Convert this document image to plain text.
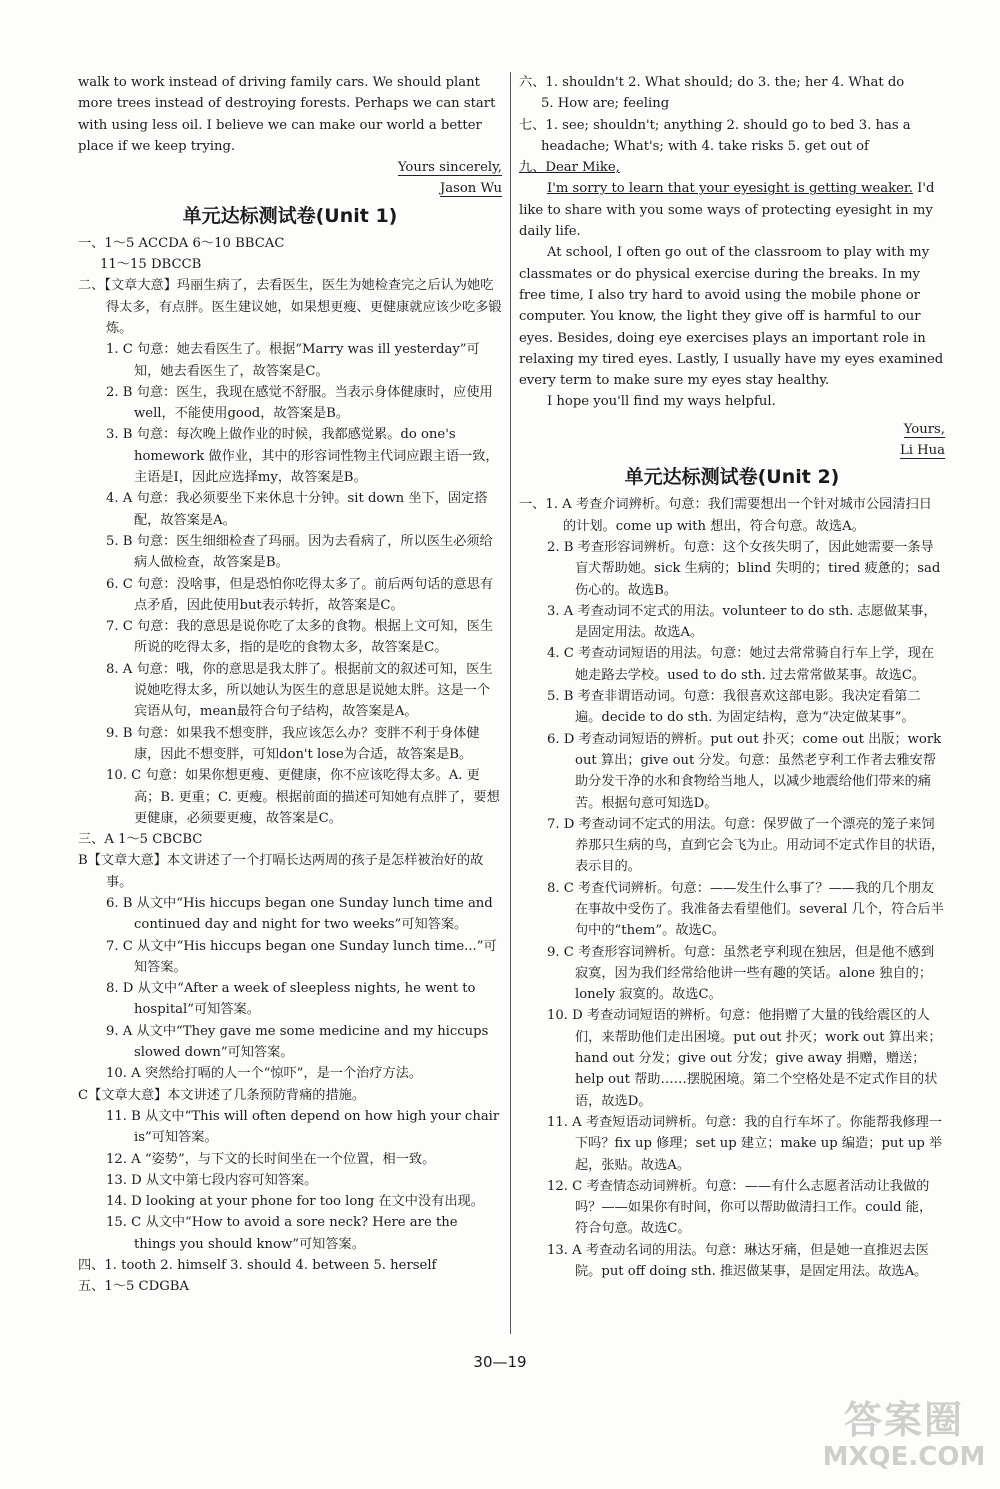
walk to work instead of driving family cars. We should plant more trees instead of destroying forests. Perhaps we can start with using less oil. I believe we can make our world a better place if we keep trying.

Yours sincerely,

Jason Wu

单元达标测试卷(Unit 1)

一、1～5 ACCDA 6～10 BBCAC

11～15 DBCCB

二、【文章大意】玛丽生病了，去看医生，医生为她检查完之后认为她吃得太多，有点胖。医生建议她，如果想更瘦、更健康就应该少吃多锻炼。

1. C 句意：她去看医生了。根据“Marry was ill yesterday”可知，她去看医生了，故答案是C。

2. B 句意：医生，我现在感觉不舒服。当表示身体健康时，应使用well，不能使用good，故答案是B。

3. B 句意：每次晚上做作业的时候，我都感觉累。do one's homework 做作业，其中的形容词性物主代词应跟主语一致，主语是I，因此应选择my，故答案是B。

4. A 句意：我必须要坐下来休息十分钟。sit down 坐下，固定搭配，故答案是A。

5. B 句意：医生细细检查了玛丽。因为去看病了，所以医生必须给病人做检查，故答案是B。

6. C 句意：没啥事，但是恐怕你吃得太多了。前后两句话的意思有点矛盾，因此使用but表示转折，故答案是C。

7. C 句意：我的意思是说你吃了太多的食物。根据上文可知，医生所说的吃得太多，指的是吃的食物太多，故答案是C。

8. A 句意：哦，你的意思是我太胖了。根据前文的叙述可知，医生说她吃得太多，所以她认为医生的意思是说她太胖。这是一个宾语从句，mean最符合句子结构，故答案是A。

9. B 句意：如果我不想变胖，我应该怎么办？变胖不利于身体健康，因此不想变胖，可知don't lose为合适，故答案是B。

10. C 句意：如果你想更瘦、更健康，你不应该吃得太多。A. 更高；B. 更重；C. 更瘦。根据前面的描述可知她有点胖了，要想更健康，必须要更瘦，故答案是C。

三、A 1～5 CBCBC

B【文章大意】本文讲述了一个打嗝长达两周的孩子是怎样被治好的故事。

6. B 从文中“His hiccups began one Sunday lunch time and continued day and night for two weeks”可知答案。

7. C 从文中“His hiccups began one Sunday lunch time...”可知答案。

8. D 从文中“After a week of sleepless nights, he went to hospital”可知答案。

9. A 从文中“They gave me some medicine and my hiccups slowed down”可知答案。

10. A 突然给打嗝的人一个“惊吓”，是一个治疗方法。

C【文章大意】本文讲述了几条预防背痛的措施。

11. B 从文中“This will often depend on how high your chair is”可知答案。

12. A “姿势”，与下文的长时间坐在一个位置，相一致。

13. D 从文中第七段内容可知答案。

14. D looking at your phone for too long 在文中没有出现。

15. C 从文中“How to avoid a sore neck? Here are the things you should know”可知答案。

四、1. tooth 2. himself 3. should 4. between 5. herself

五、1～5 CDGBA

六、1. shouldn't 2. What should; do 3. the; her 4. What do

5. How are; feeling

七、1. see; shouldn't; anything 2. should go to bed 3. has a headache; What's; with 4. take risks 5. get out of

九、Dear Mike,

I'm sorry to learn that your eyesight is getting weaker. I'd like to share with you some ways of protecting eyesight in my daily life.

At school, I often go out of the classroom to play with my classmates or do physical exercise during the breaks. In my free time, I also try hard to avoid using the mobile phone or computer. You know, the light they give off is harmful to our eyes. Besides, doing eye exercises plays an important role in relaxing my tired eyes. Lastly, I usually have my eyes examined every term to make sure my eyes stay healthy.

I hope you'll find my ways helpful.

Yours,

Li Hua

单元达标测试卷(Unit 2)

一、1. A 考查介词辨析。句意：我们需要想出一个针对城市公园清扫日的计划。come up with 想出，符合句意。故选A。

2. B 考查形容词辨析。句意：这个女孩失明了，因此她需要一条导盲犬帮助她。sick 生病的；blind 失明的；tired 疲惫的；sad 伤心的。故选B。

3. A 考查动词不定式的用法。volunteer to do sth. 志愿做某事，是固定用法。故选A。

4. C 考查动词短语的用法。句意：她过去常常骑自行车上学，现在她走路去学校。used to do sth. 过去常常做某事。故选C。

5. B 考查非谓语动词。句意：我很喜欢这部电影。我决定看第二遍。decide to do sth. 为固定结构，意为“决定做某事”。

6. D 考查动词短语的辨析。put out 扑灭；come out 出版；work out 算出；give out 分发。句意：虽然老亨利工作者去雅安帮助分发干净的水和食物给当地人，以减少地震给他们带来的痛苦。根据句意可知选D。

7. D 考查动词不定式的用法。句意：保罗做了一个漂亮的笼子来饲养那只生病的鸟，直到它会飞为止。用动词不定式作目的状语，表示目的。

8. C 考查代词辨析。句意：——发生什么事了？——我的几个朋友在事故中受伤了。我准备去看望他们。several 几个，符合后半句中的“them”。故选C。

9. C 考查形容词辨析。句意：虽然老亨利现在独居，但是他不感到寂寞，因为我们经常给他讲一些有趣的笑话。alone 独自的；lonely 寂寞的。故选C。

10. D 考查动词短语的辨析。句意：他捐赠了大量的钱给震区的人们，来帮助他们走出困境。put out 扑灭；work out 算出来；hand out 分发；give out 分发；give away 捐赠，赠送；help out 帮助……摆脱困境。第二个空格处是不定式作目的状语，故选D。

11. A 考查短语动词辨析。句意：我的自行车坏了。你能帮我修理一下吗？fix up 修理；set up 建立；make up 编造；put up 举起，张贴。故选A。

12. C 考查情态动词辨析。句意：——有什么志愿者活动让我做的吗？——如果你有时间，你可以帮助做清扫工作。could 能，符合句意。故选C。

13. A 考查动名词的用法。句意：琳达牙痛，但是她一直推迟去医院。put off doing sth. 推迟做某事，是固定用法。故选A。

30—19
答案圈
MXQE.COM
